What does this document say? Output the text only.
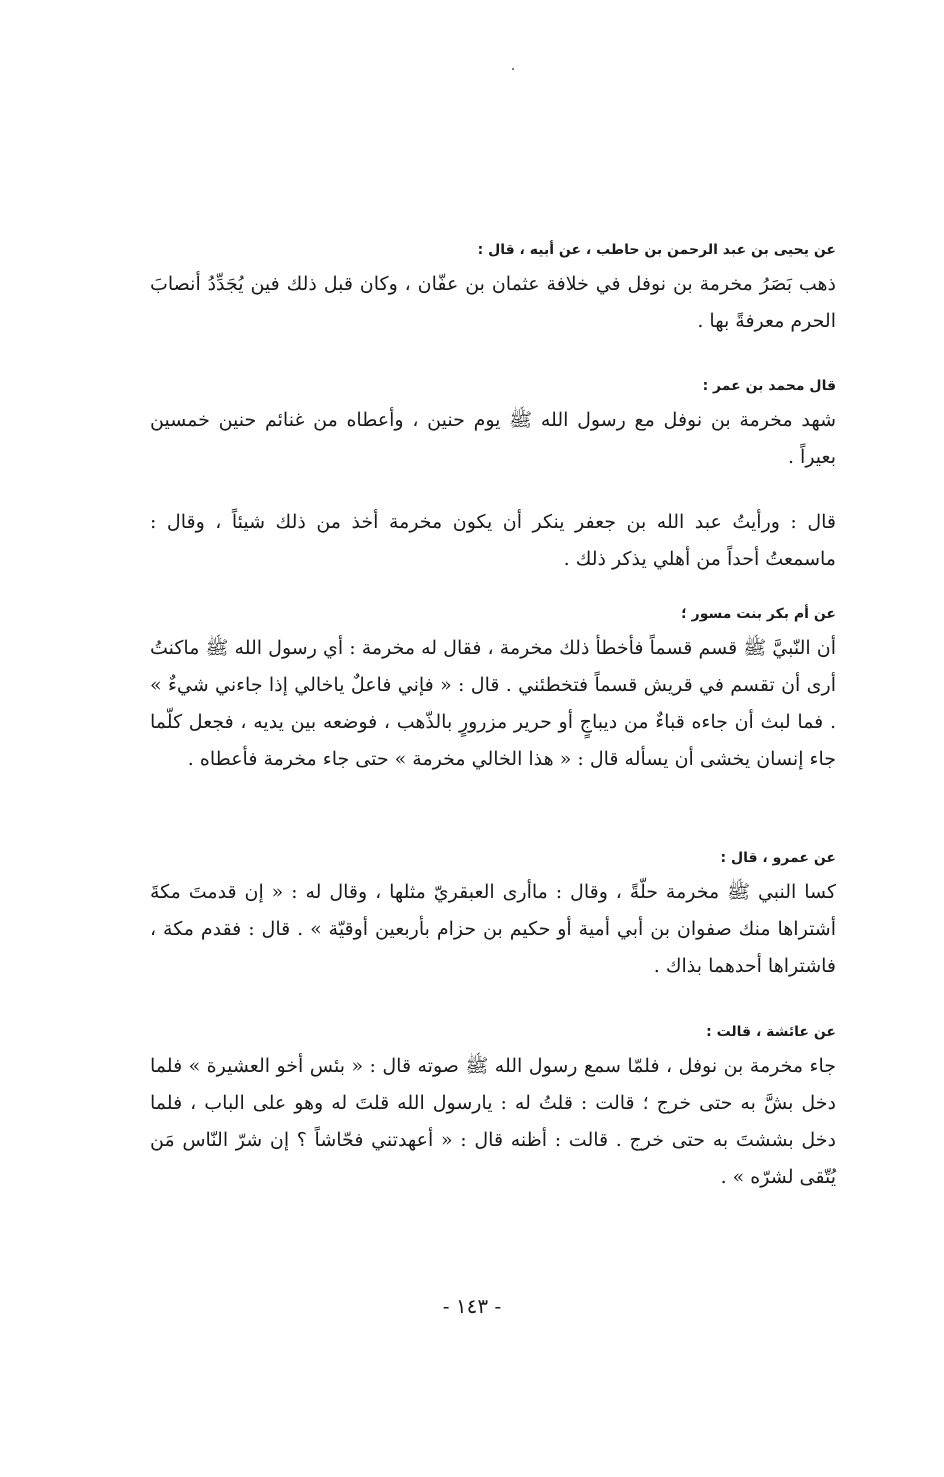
عن يحيى بن عبد الرحمن بن حاطب ، عن أبيه ، قال :

ذهب بَصَرُ مخرمة بن نوفل في خلافة عثمان بن عفّان ، وكان قبل ذلك فين يُجَدِّدُ أنصابَ الحرم معرفةً بها .

قال محمد بن عمر :

شهد مخرمة بن نوفل مع رسول الله ﷺ يوم حنين ، وأعطاه من غنائم حنين خمسين بعيراً .

قال : ورأيتُ عبد الله بن جعفر ينكر أن يكون مخرمة أخذ من ذلك شيئاً ، وقال : ماسمعتُ أحداً من أهلي يذكر ذلك .

عن أم بكر بنت مسور ؛

أن النّبيَّ ﷺ قسم قسماً فأخطأ ذلك مخرمة ، فقال له مخرمة : أي رسول الله ﷺ ماكنتُ أرى أن تقسم في قريش قسماً فتخطئني . قال : « فإني فاعلٌ ياخالي إذا جاءني شيءٌ » . فما لبث أن جاءه قباءٌ من ديباجٍ أو حرير مزرورٍ بالذّهب ، فوضعه بين يديه ، فجعل كلّما جاء إنسان يخشى أن يسأله قال : « هذا الخالي مخرمة » حتى جاء مخرمة فأعطاه .

عن عمرو ، قال :

كسا النبي ﷺ مخرمة حلّةً ، وقال : ماأرى العبقريّ مثلها ، وقال له : « إن قدمتَ مكةَ أشتراها منك صفوان بن أبي أمية أو حكيم بن حزام بأربعين أوقيّة » . قال : فقدم مكة ، فاشتراها أحدهما بذاك .

عن عائشة ، قالت :

جاء مخرمة بن نوفل ، فلمّا سمع رسول الله ﷺ صوته قال : « بئس أخو العشيرة » فلما دخل بشَّ به حتى خرج ؛ قالت : قلتُ له : يارسول الله قلتَ له وهو على الباب ، فلما دخل بششتَ به حتى خرج . قالت : أظنه قال : « أعهدتني فحّاشاً ؟ إن شرّ النّاس مَن يُتّقى لشرّه » .

- ١٤٣ -
